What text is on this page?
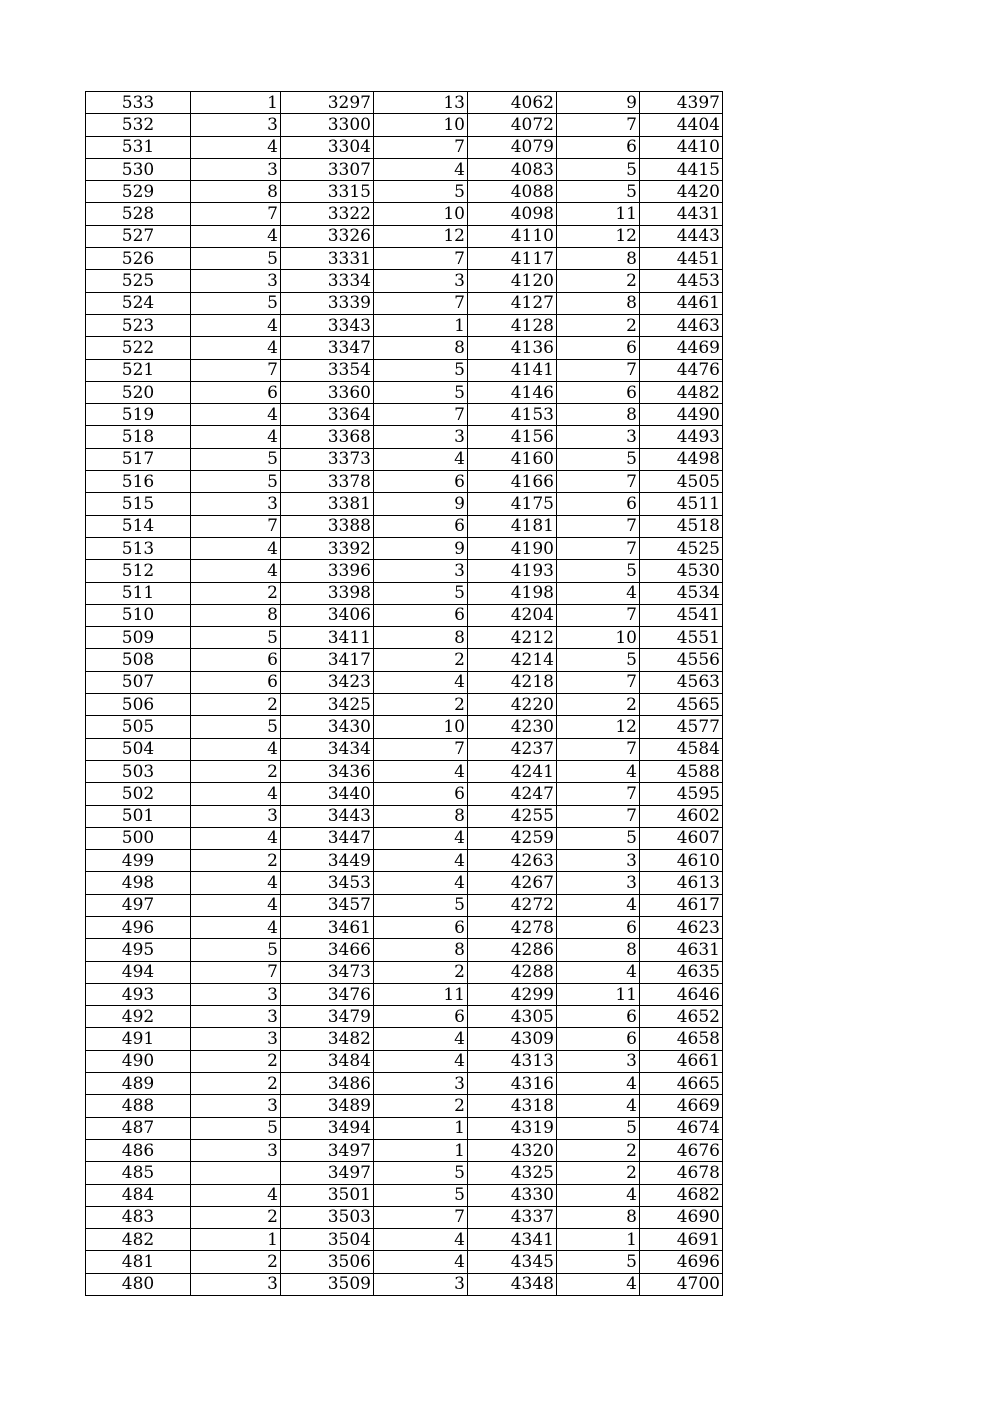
533	1	3297	13	4062	9	4397
532	3	3300	10	4072	7	4404
531	4	3304	7	4079	6	4410
530	3	3307	4	4083	5	4415
529	8	3315	5	4088	5	4420
528	7	3322	10	4098	11	4431
527	4	3326	12	4110	12	4443
526	5	3331	7	4117	8	4451
525	3	3334	3	4120	2	4453
524	5	3339	7	4127	8	4461
523	4	3343	1	4128	2	4463
522	4	3347	8	4136	6	4469
521	7	3354	5	4141	7	4476
520	6	3360	5	4146	6	4482
519	4	3364	7	4153	8	4490
518	4	3368	3	4156	3	4493
517	5	3373	4	4160	5	4498
516	5	3378	6	4166	7	4505
515	3	3381	9	4175	6	4511
514	7	3388	6	4181	7	4518
513	4	3392	9	4190	7	4525
512	4	3396	3	4193	5	4530
511	2	3398	5	4198	4	4534
510	8	3406	6	4204	7	4541
509	5	3411	8	4212	10	4551
508	6	3417	2	4214	5	4556
507	6	3423	4	4218	7	4563
506	2	3425	2	4220	2	4565
505	5	3430	10	4230	12	4577
504	4	3434	7	4237	7	4584
503	2	3436	4	4241	4	4588
502	4	3440	6	4247	7	4595
501	3	3443	8	4255	7	4602
500	4	3447	4	4259	5	4607
499	2	3449	4	4263	3	4610
498	4	3453	4	4267	3	4613
497	4	3457	5	4272	4	4617
496	4	3461	6	4278	6	4623
495	5	3466	8	4286	8	4631
494	7	3473	2	4288	4	4635
493	3	3476	11	4299	11	4646
492	3	3479	6	4305	6	4652
491	3	3482	4	4309	6	4658
490	2	3484	4	4313	3	4661
489	2	3486	3	4316	4	4665
488	3	3489	2	4318	4	4669
487	5	3494	1	4319	5	4674
486	3	3497	1	4320	2	4676
485		3497	5	4325	2	4678
484	4	3501	5	4330	4	4682
483	2	3503	7	4337	8	4690
482	1	3504	4	4341	1	4691
481	2	3506	4	4345	5	4696
480	3	3509	3	4348	4	4700
